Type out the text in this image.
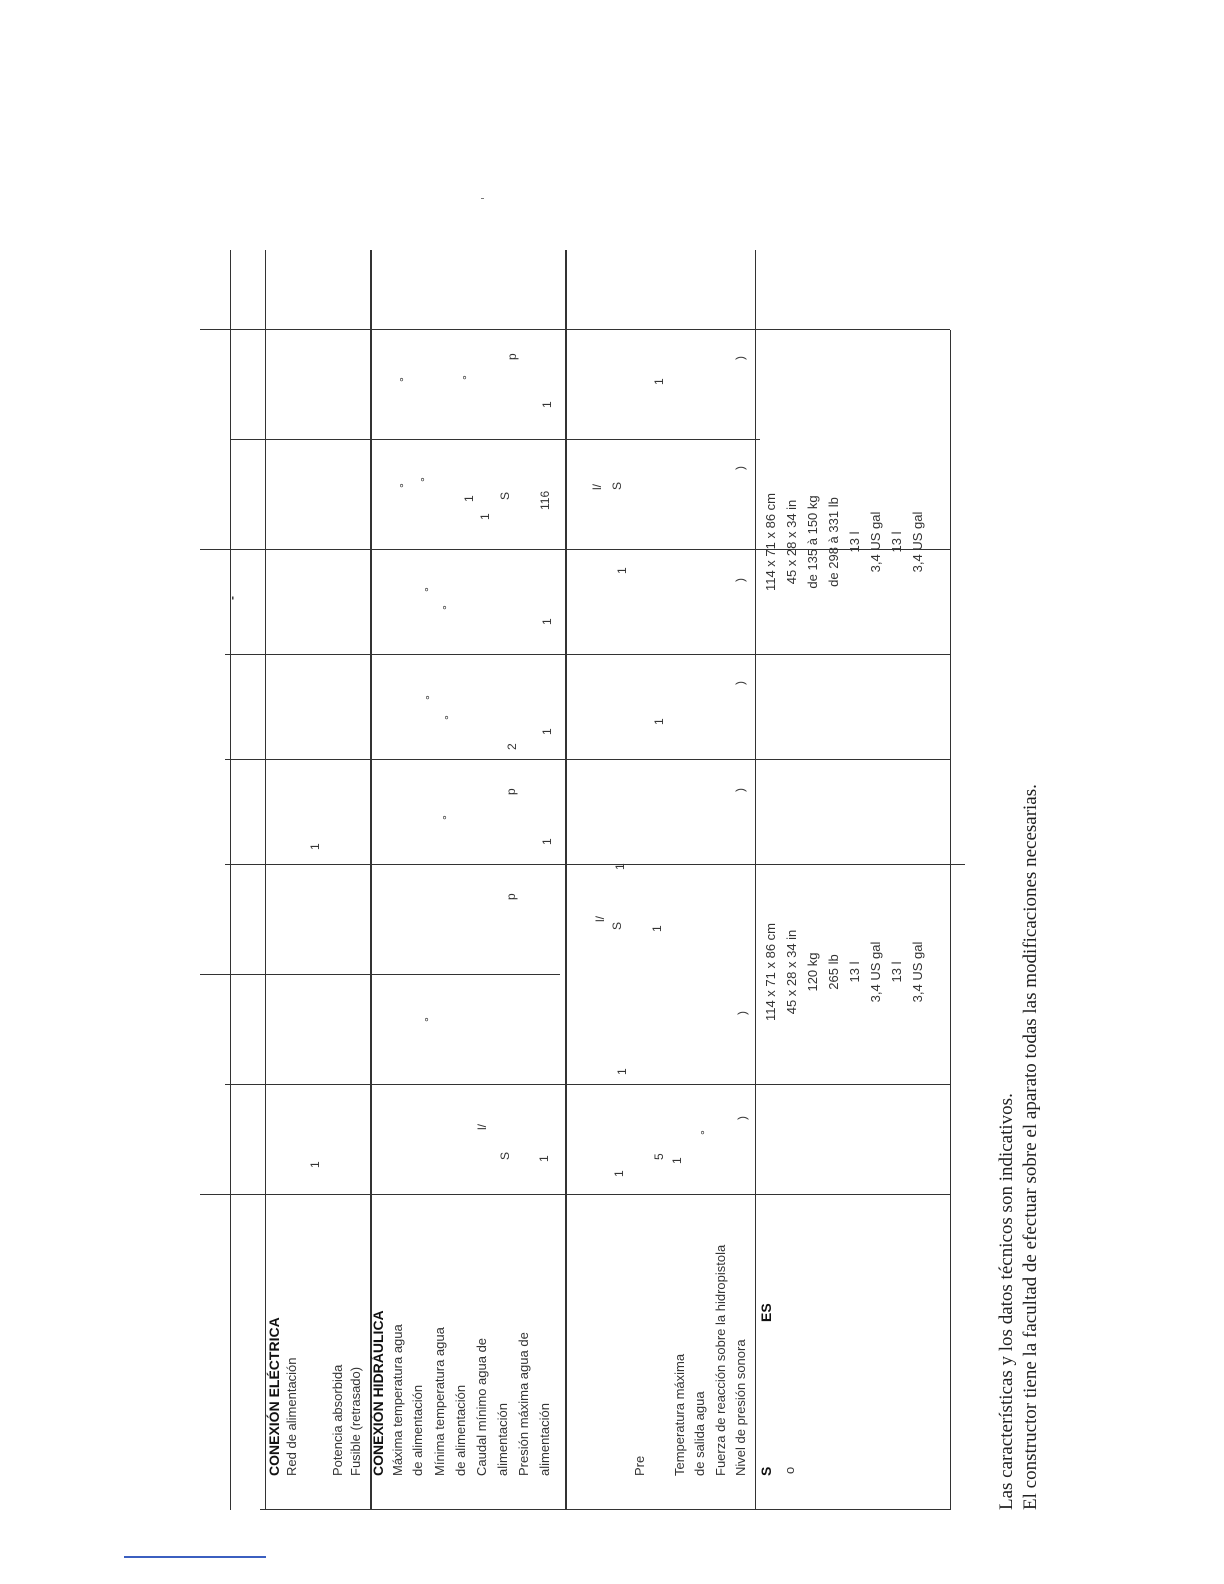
CONEXIÓN ELÉCTRICA Red de alimentación Potencia absorbida Fusible (retrasado) CONEXIÓN HIDRÁULICA Máxima temperatura agua de alimentación Mínima temperatura agua de alimentación Caudal mínimo agua de alimentación Presión máxima agua de alimentación	Pre Temperatura máxima de salida agua Fuerza de reacción sobre la hidropistola Nivel de presión sonora S
ES
o
1
l/
S 1
1
5
1
°
)
°
1
)
p
l/
S 1
1
°
p
1
1
)
°
°
2
1
1
)
°
°
1
1
)
°
°
1
1
S 116
l/ S
)
°	°
p
1
1
)
114 x 71 x 86 cm 45 x 28 x 34 in 120 kg 265 lb 13 l 3,4 US gal 13 l 3,4 US gal
114 x 71 x 86 cm 45 x 28 x 34 in de 135 à 150 kg de 298 à 331 lb 13 l 3,4 US gal 13 l 3,4 US gal
Las características y los datos técnicos son indicativos. El constructor tiene la facultad de efectuar sobre el aparato todas las modificaciones necesarias.
-
